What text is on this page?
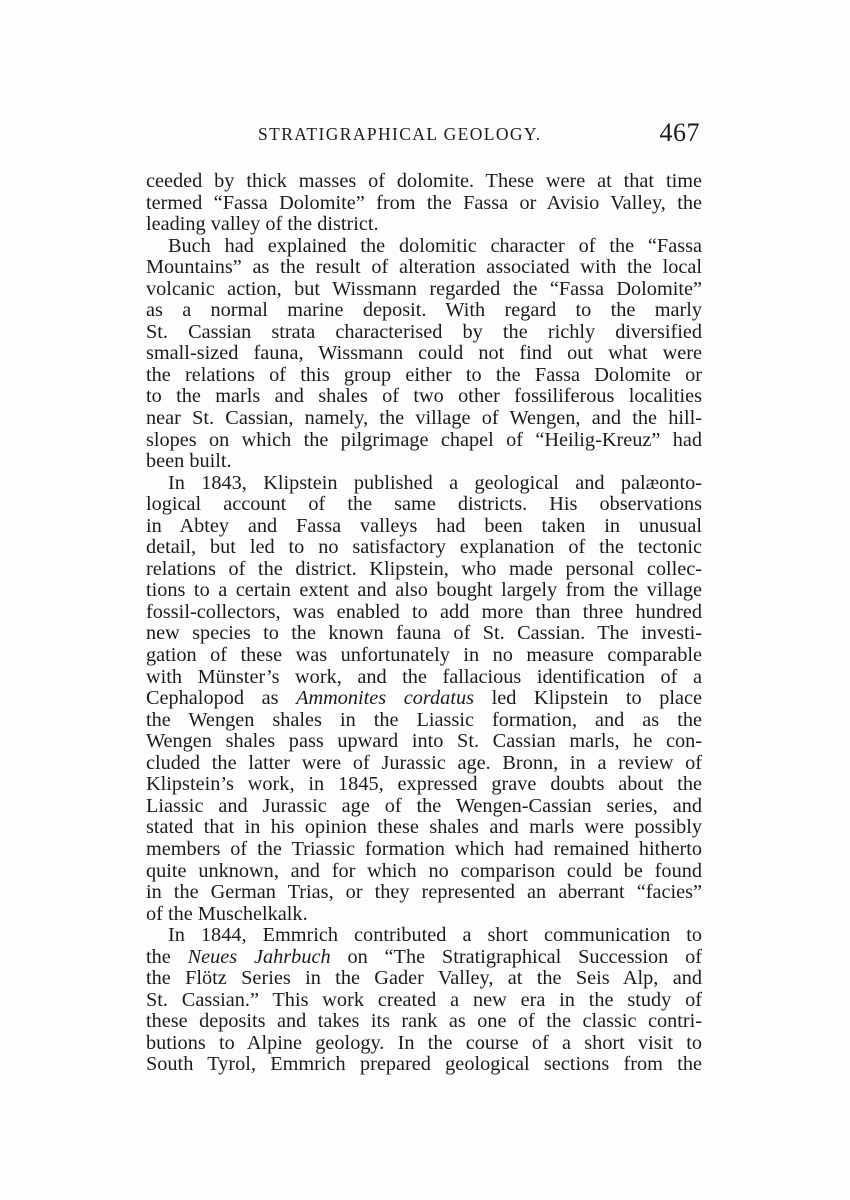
STRATIGRAPHICAL GEOLOGY.	467
ceeded by thick masses of dolomite. These were at that time
termed “Fassa Dolomite” from the Fassa or Avisio Valley, the
leading valley of the district.
Buch had explained the dolomitic character of the “Fassa
Mountains” as the result of alteration associated with the local
volcanic action, but Wissmann regarded the “Fassa Dolomite”
as a normal marine deposit. With regard to the marly
St. Cassian strata characterised by the richly diversified
small-sized fauna, Wissmann could not find out what were
the relations of this group either to the Fassa Dolomite or
to the marls and shales of two other fossiliferous localities
near St. Cassian, namely, the village of Wengen, and the hill-
slopes on which the pilgrimage chapel of “Heilig-Kreuz” had
been built.
In 1843, Klipstein published a geological and palæonto-
logical account of the same districts. His observations
in Abtey and Fassa valleys had been taken in unusual
detail, but led to no satisfactory explanation of the tectonic
relations of the district. Klipstein, who made personal collec-
tions to a certain extent and also bought largely from the village
fossil-collectors, was enabled to add more than three hundred
new species to the known fauna of St. Cassian. The investi-
gation of these was unfortunately in no measure comparable
with Münster’s work, and the fallacious identification of a
Cephalopod as Ammonites cordatus led Klipstein to place
the Wengen shales in the Liassic formation, and as the
Wengen shales pass upward into St. Cassian marls, he con-
cluded the latter were of Jurassic age. Bronn, in a review of
Klipstein’s work, in 1845, expressed grave doubts about the
Liassic and Jurassic age of the Wengen-Cassian series, and
stated that in his opinion these shales and marls were possibly
members of the Triassic formation which had remained hitherto
quite unknown, and for which no comparison could be found
in the German Trias, or they represented an aberrant “facies”
of the Muschelkalk.
In 1844, Emmrich contributed a short communication to
the Neues Jahrbuch on “The Stratigraphical Succession of
the Flötz Series in the Gader Valley, at the Seis Alp, and
St. Cassian.” This work created a new era in the study of
these deposits and takes its rank as one of the classic contri-
butions to Alpine geology. In the course of a short visit to
South Tyrol, Emmrich prepared geological sections from the
